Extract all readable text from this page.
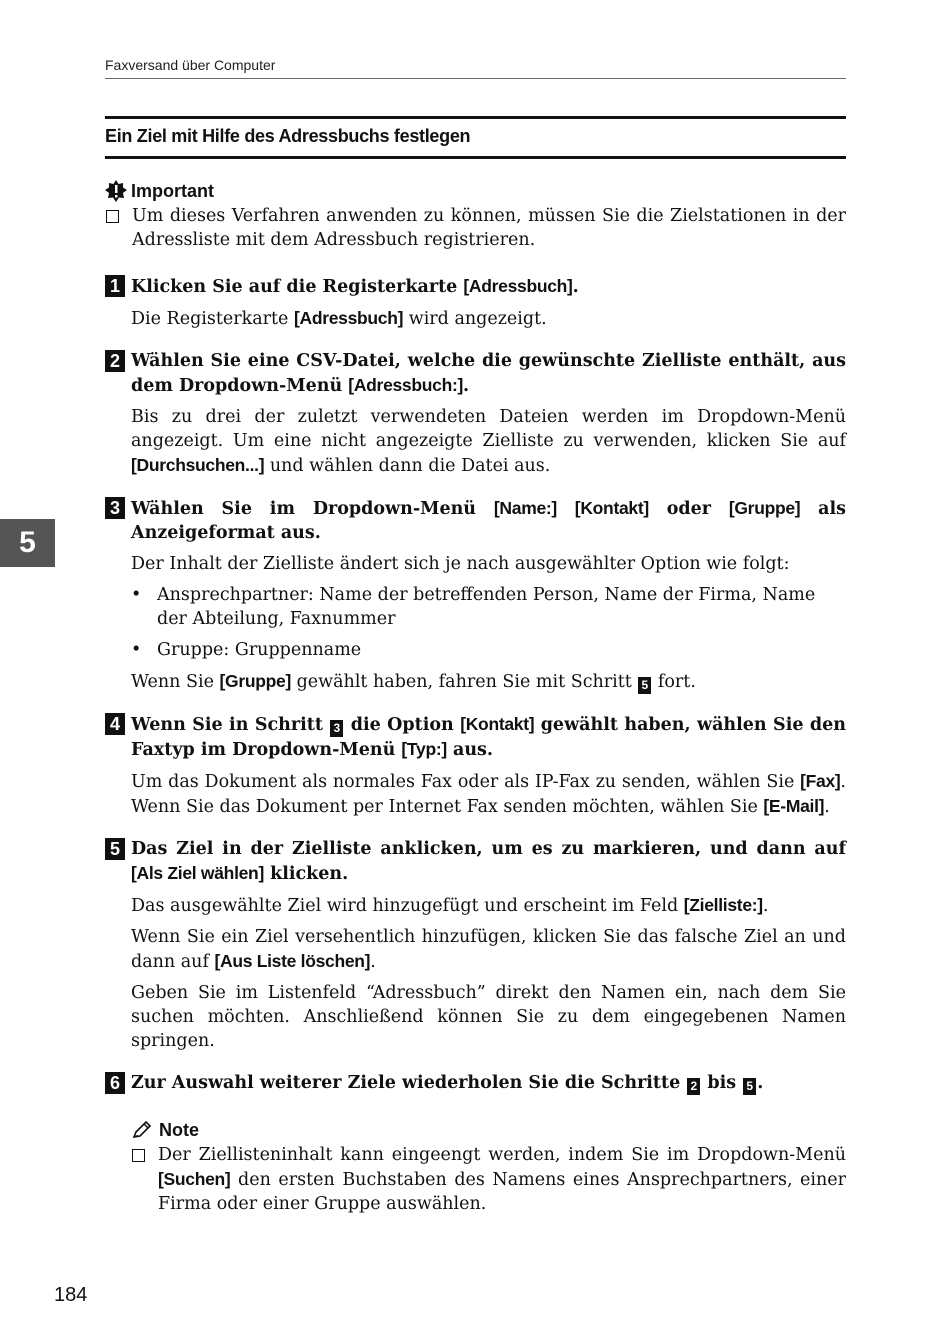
Faxversand über Computer
Ein Ziel mit Hilfe des Adressbuchs festlegen
5
Important
Um dieses Verfahren anwenden zu können, müssen Sie die Zielstationen in der Adressliste mit dem Adressbuch registrieren.
1 Klicken Sie auf die Registerkarte [Adressbuch].
Die Registerkarte [Adressbuch] wird angezeigt.
2 Wählen Sie eine CSV-Datei, welche die gewünschte Zielliste enthält, aus dem Dropdown-Menü [Adressbuch:].
Bis zu drei der zuletzt verwendeten Dateien werden im Dropdown-Menü angezeigt. Um eine nicht angezeigte Zielliste zu verwenden, klicken Sie auf [Durchsuchen...] und wählen dann die Datei aus.
3 Wählen Sie im Dropdown-Menü [Name:] [Kontakt] oder [Gruppe] als Anzeigeformat aus.
Der Inhalt der Zielliste ändert sich je nach ausgewählter Option wie folgt:
• Ansprechpartner: Name der betreffenden Person, Name der Firma, Name der Abteilung, Faxnummer
• Gruppe: Gruppenname
Wenn Sie [Gruppe] gewählt haben, fahren Sie mit Schritt 5 fort.
4 Wenn Sie in Schritt 3 die Option [Kontakt] gewählt haben, wählen Sie den Faxtyp im Dropdown-Menü [Typ:] aus.
Um das Dokument als normales Fax oder als IP-Fax zu senden, wählen Sie [Fax]. Wenn Sie das Dokument per Internet Fax senden möchten, wählen Sie [E-Mail].
5 Das Ziel in der Zielliste anklicken, um es zu markieren, und dann auf [Als Ziel wählen] klicken.
Das ausgewählte Ziel wird hinzugefügt und erscheint im Feld [Zielliste:].
Wenn Sie ein Ziel versehentlich hinzufügen, klicken Sie das falsche Ziel an und dann auf [Aus Liste löschen].
Geben Sie im Listenfeld “Adressbuch” direkt den Namen ein, nach dem Sie suchen möchten. Anschließend können Sie zu dem eingegebenen Namen springen.
6 Zur Auswahl weiterer Ziele wiederholen Sie die Schritte 2 bis 5 .
Note
Der Ziellisteninhalt kann eingeengt werden, indem Sie im Dropdown-Menü [Suchen] den ersten Buchstaben des Namens eines Ansprechpartners, einer Firma oder einer Gruppe auswählen.
184
